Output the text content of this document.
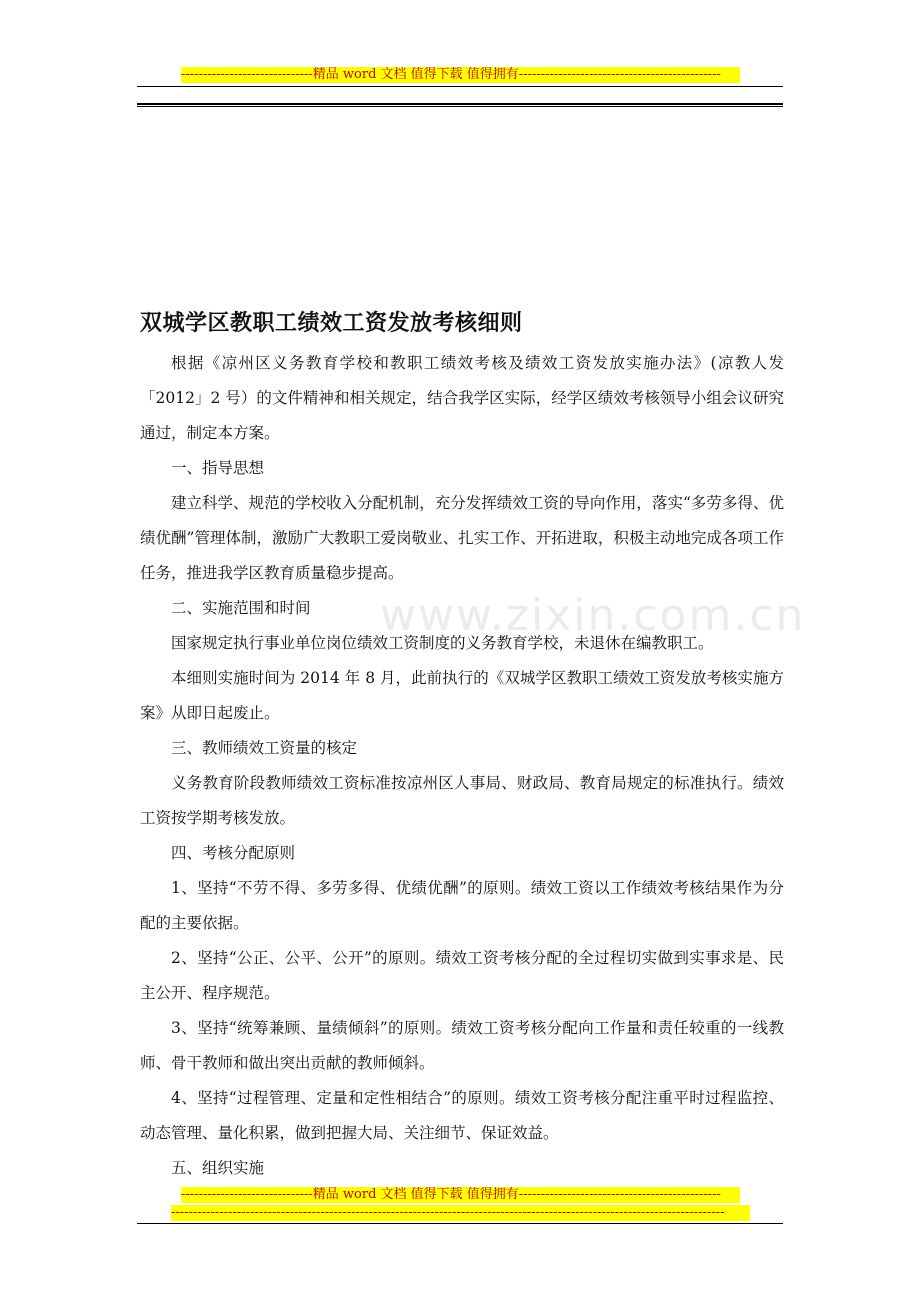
------------------------------精品 word 文档 值得下载 值得拥有----------------------------------------------
www.zixin.com.cn
双城学区教职工绩效工资发放考核细则

根据《凉州区义务教育学校和教职工绩效考核及绩效工资发放实施办法》(凉教人发「2012」2 号）的文件精神和相关规定，结合我学区实际，经学区绩效考核领导小组会议研究通过，制定本方案。

一、指导思想

建立科学、规范的学校收入分配机制，充分发挥绩效工资的导向作用，落实“多劳多得、优绩优酬”管理体制，激励广大教职工爱岗敬业、扎实工作、开拓进取，积极主动地完成各项工作任务，推进我学区教育质量稳步提高。

二、实施范围和时间

国家规定执行事业单位岗位绩效工资制度的义务教育学校，未退休在编教职工。

本细则实施时间为 2014 年 8 月，此前执行的《双城学区教职工绩效工资发放考核实施方案》从即日起废止。

三、教师绩效工资量的核定

义务教育阶段教师绩效工资标准按凉州区人事局、财政局、教育局规定的标准执行。绩效工资按学期考核发放。

四、考核分配原则

1、坚持“不劳不得、多劳多得、优绩优酬”的原则。绩效工资以工作绩效考核结果作为分配的主要依据。

2、坚持“公正、公平、公开”的原则。绩效工资考核分配的全过程切实做到实事求是、民主公开、程序规范。

3、坚持“统筹兼顾、量绩倾斜”的原则。绩效工资考核分配向工作量和责任较重的一线教师、骨干教师和做出突出贡献的教师倾斜。

4、坚持“过程管理、定量和定性相结合”的原则。绩效工资考核分配注重平时过程监控、动态管理、量化积累，做到把握大局、关注细节、保证效益。

五、组织实施

------------------------------精品 word 文档 值得下载 值得拥有----------------------------------------------
------------------------------------------------------------------------------------------------------------------------------
